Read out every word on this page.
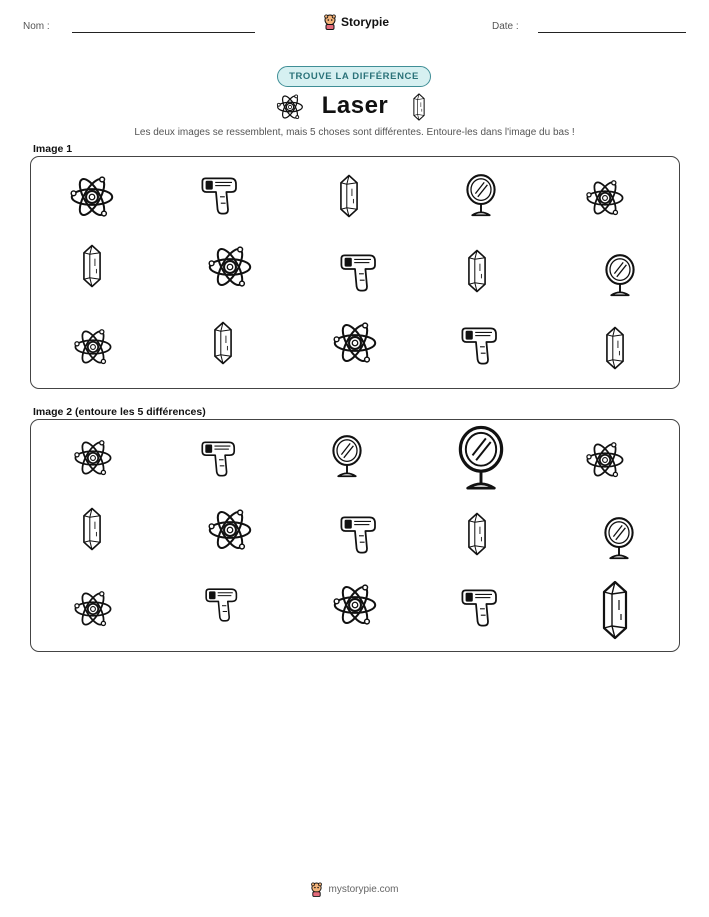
Nom :	Storypie	Date :
TROUVE LA DIFFÉRENCE
Laser
Les deux images se ressemblent, mais 5 choses sont différentes. Entoure-les dans l'image du bas !
Image 1
Image 2 (entoure les 5 différences)
mystorypie.com
